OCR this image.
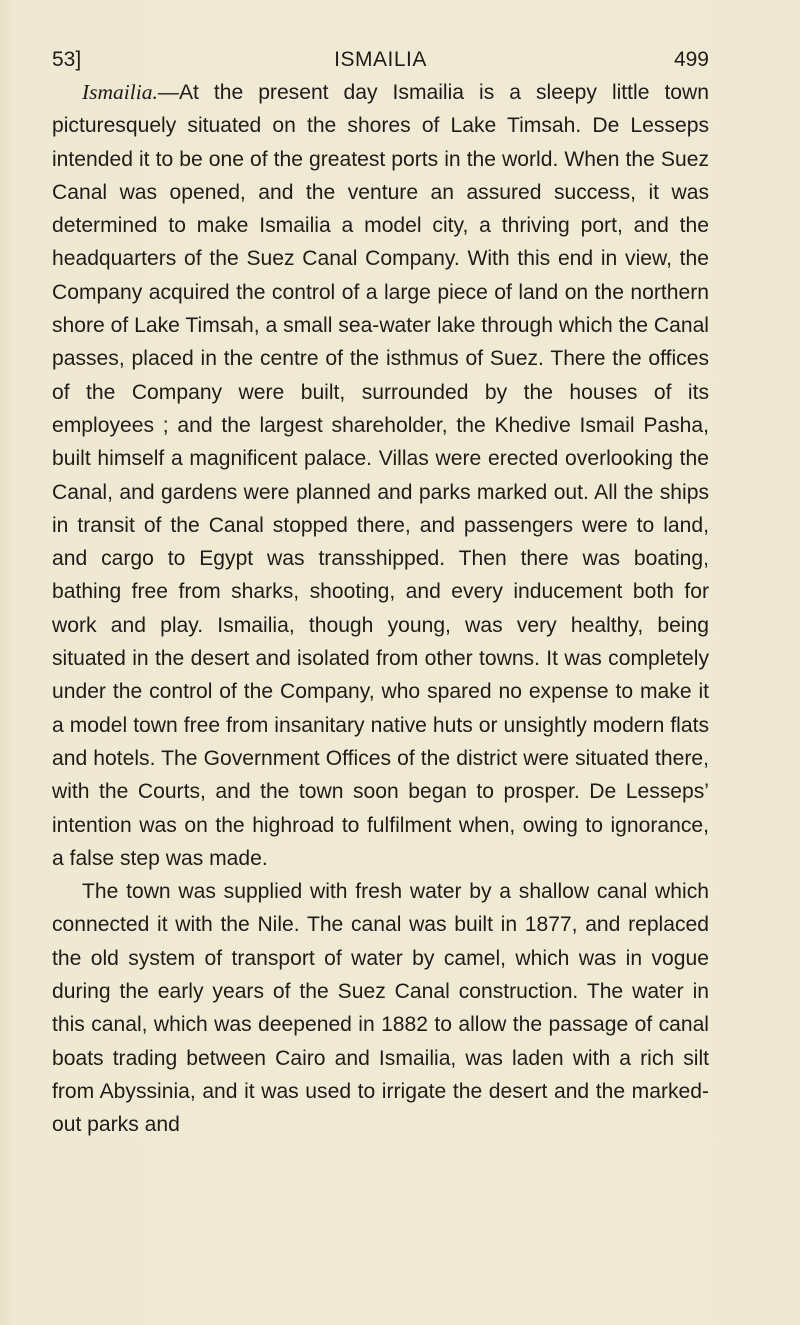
53]	ISMAILIA	499

Ismailia.—At the present day Ismailia is a sleepy little town picturesquely situated on the shores of Lake Timsah. De Lesseps intended it to be one of the greatest ports in the world. When the Suez Canal was opened, and the venture an assured success, it was determined to make Ismailia a model city, a thriving port, and the headquarters of the Suez Canal Company. With this end in view, the Company acquired the control of a large piece of land on the northern shore of Lake Timsah, a small sea-water lake through which the Canal passes, placed in the centre of the isthmus of Suez. There the offices of the Company were built, surrounded by the houses of its employees ; and the largest shareholder, the Khedive Ismail Pasha, built himself a magnificent palace. Villas were erected overlooking the Canal, and gardens were planned and parks marked out. All the ships in transit of the Canal stopped there, and passengers were to land, and cargo to Egypt was transshipped. Then there was boating, bathing free from sharks, shooting, and every inducement both for work and play. Ismailia, though young, was very healthy, being situated in the desert and isolated from other towns. It was completely under the control of the Company, who spared no expense to make it a model town free from insanitary native huts or unsightly modern flats and hotels. The Government Offices of the district were situated there, with the Courts, and the town soon began to prosper. De Lesseps’ intention was on the highroad to fulfilment when, owing to ignorance, a false step was made.

The town was supplied with fresh water by a shallow canal which connected it with the Nile. The canal was built in 1877, and replaced the old system of transport of water by camel, which was in vogue during the early years of the Suez Canal construction. The water in this canal, which was deepened in 1882 to allow the passage of canal boats trading between Cairo and Ismailia, was laden with a rich silt from Abyssinia, and it was used to irrigate the desert and the marked-out parks and
